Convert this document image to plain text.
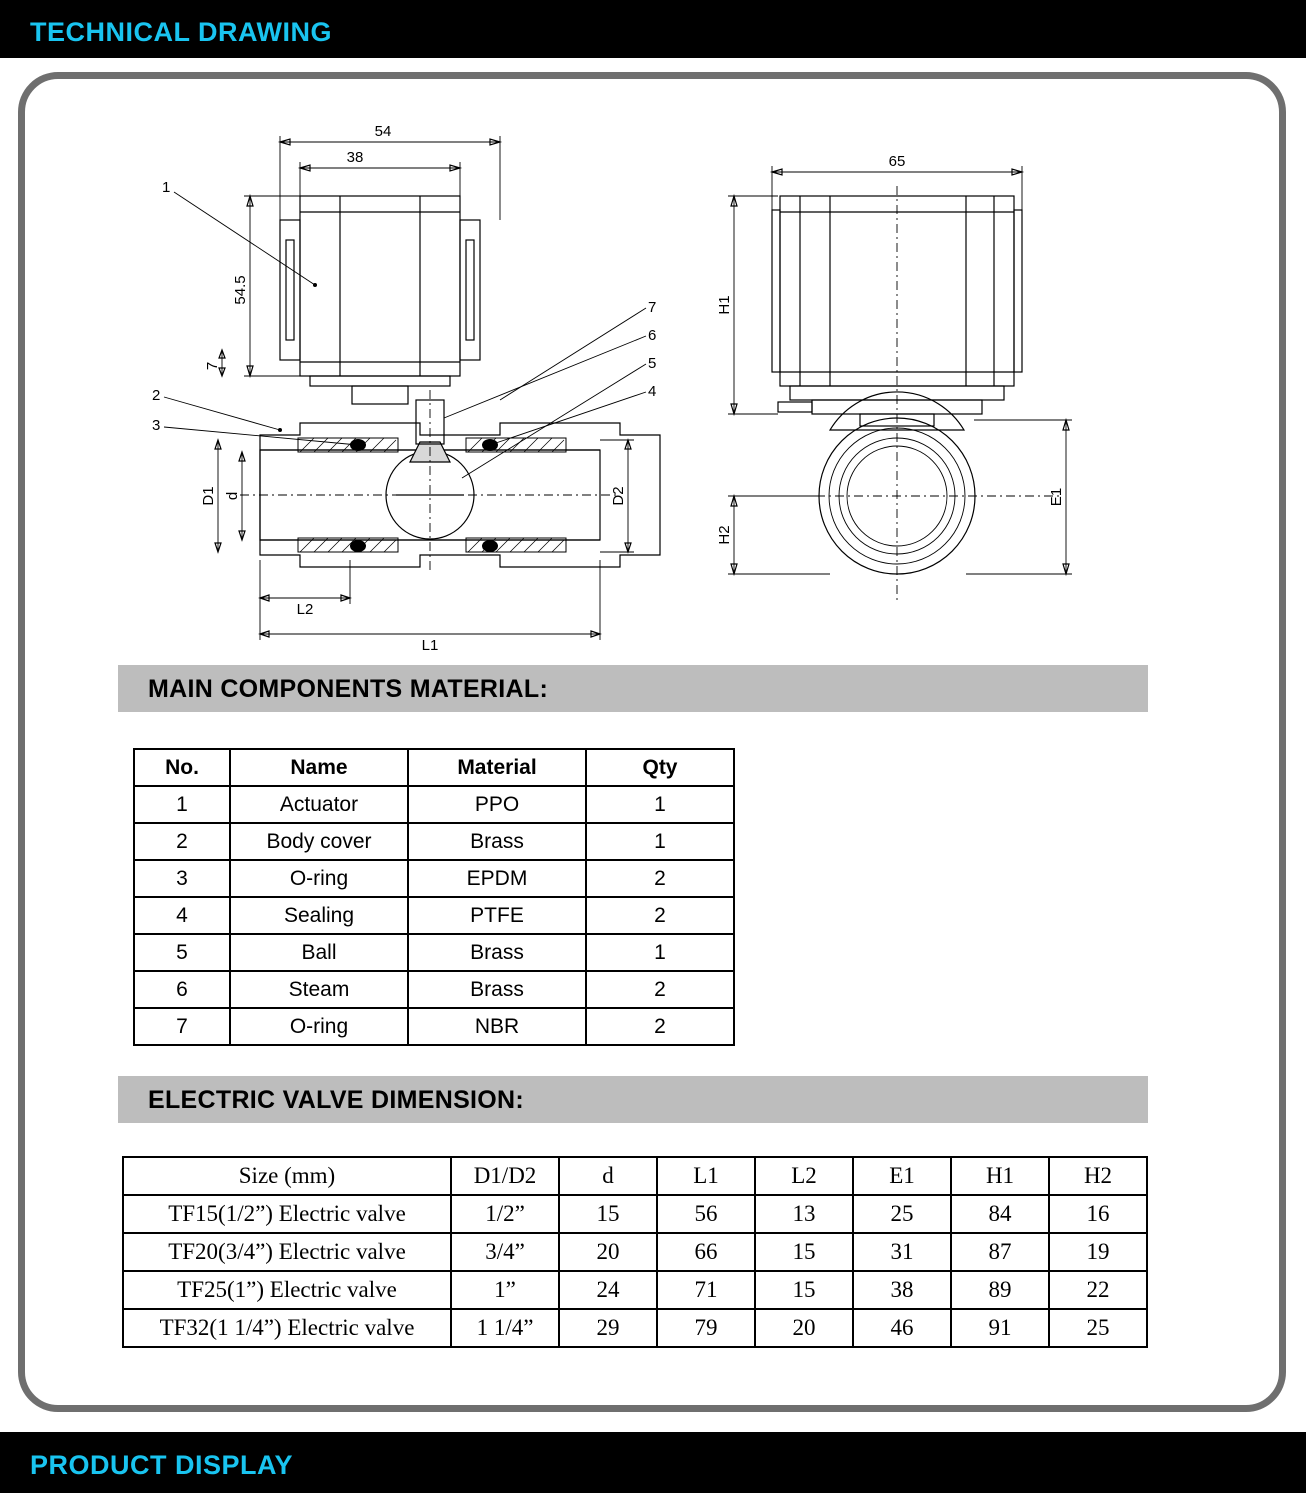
TECHNICAL DRAWING
54
38
54.5
7
1
2
3
7
6
5
4
D1 d	D2
L2
L1
65
H1
H2
E1
MAIN COMPONENTS MATERIAL:
No.	Name	Material	Qty
1	Actuator	PPO	1
2	Body cover	Brass	1
3	O-ring	EPDM	2
4	Sealing	PTFE	2
5	Ball	Brass	1
6	Steam	Brass	2
7	O-ring	NBR	2
ELECTRIC VALVE DIMENSION:
Size (mm)	D1/D2	d	L1	L2	E1	H1	H2
TF15(1/2”) Electric valve	1/2”	15	56	13	25	84	16
TF20(3/4”) Electric valve	3/4”	20	66	15	31	87	19
TF25(1”) Electric valve	1”	24	71	15	38	89	22
TF32(1 1/4”) Electric valve	1 1/4”	29	79	20	46	91	25
PRODUCT DISPLAY
